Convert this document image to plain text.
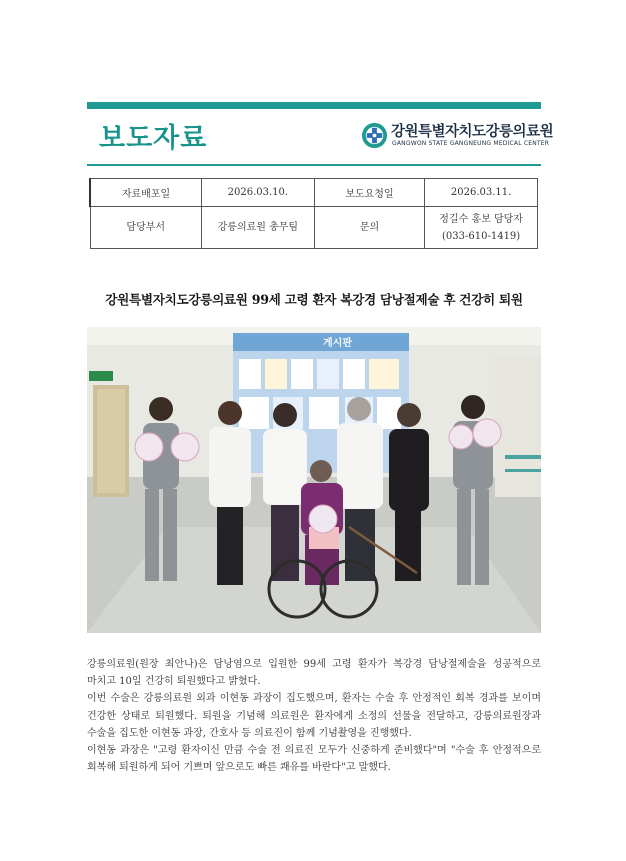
보도자료	강원특별자치도강릉의료원
GANGWON STATE GANGNEUNG MEDICAL CENTER
자료배포일	2026.03.10.	보도요청일	2026.03.11.
담당부서	강릉의료원 총무팀	문의	정길수 홍보 담당자
(033-610-1419)
강원특별자치도강릉의료원 99세 고령 환자 복강경 담낭절제술 후 건강히 퇴원
게시판

강릉의료원(원장 최안나)은 담낭염으로 입원한 99세 고령 환자가 복강경 담낭절제술을 성공적으로 마치고 10일 건강히 퇴원했다고 밝혔다.

이번 수술은 강릉의료원 외과 이현동 과장이 집도했으며, 환자는 수술 후 안정적인 회복 경과를 보이며 건강한 상태로 퇴원했다. 퇴원을 기념해 의료원은 환자에게 소정의 선물을 전달하고, 강릉의료원장과 수술을 집도한 이현동 과장, 간호사 등 의료진이 함께 기념촬영을 진행했다.

이현동 과장은 "고령 환자이신 만큼 수술 전 의료진 모두가 신중하게 준비했다"며 "수술 후 안정적으로 회복해 퇴원하게 되어 기쁘며 앞으로도 빠른 쾌유를 바란다"고 말했다.
